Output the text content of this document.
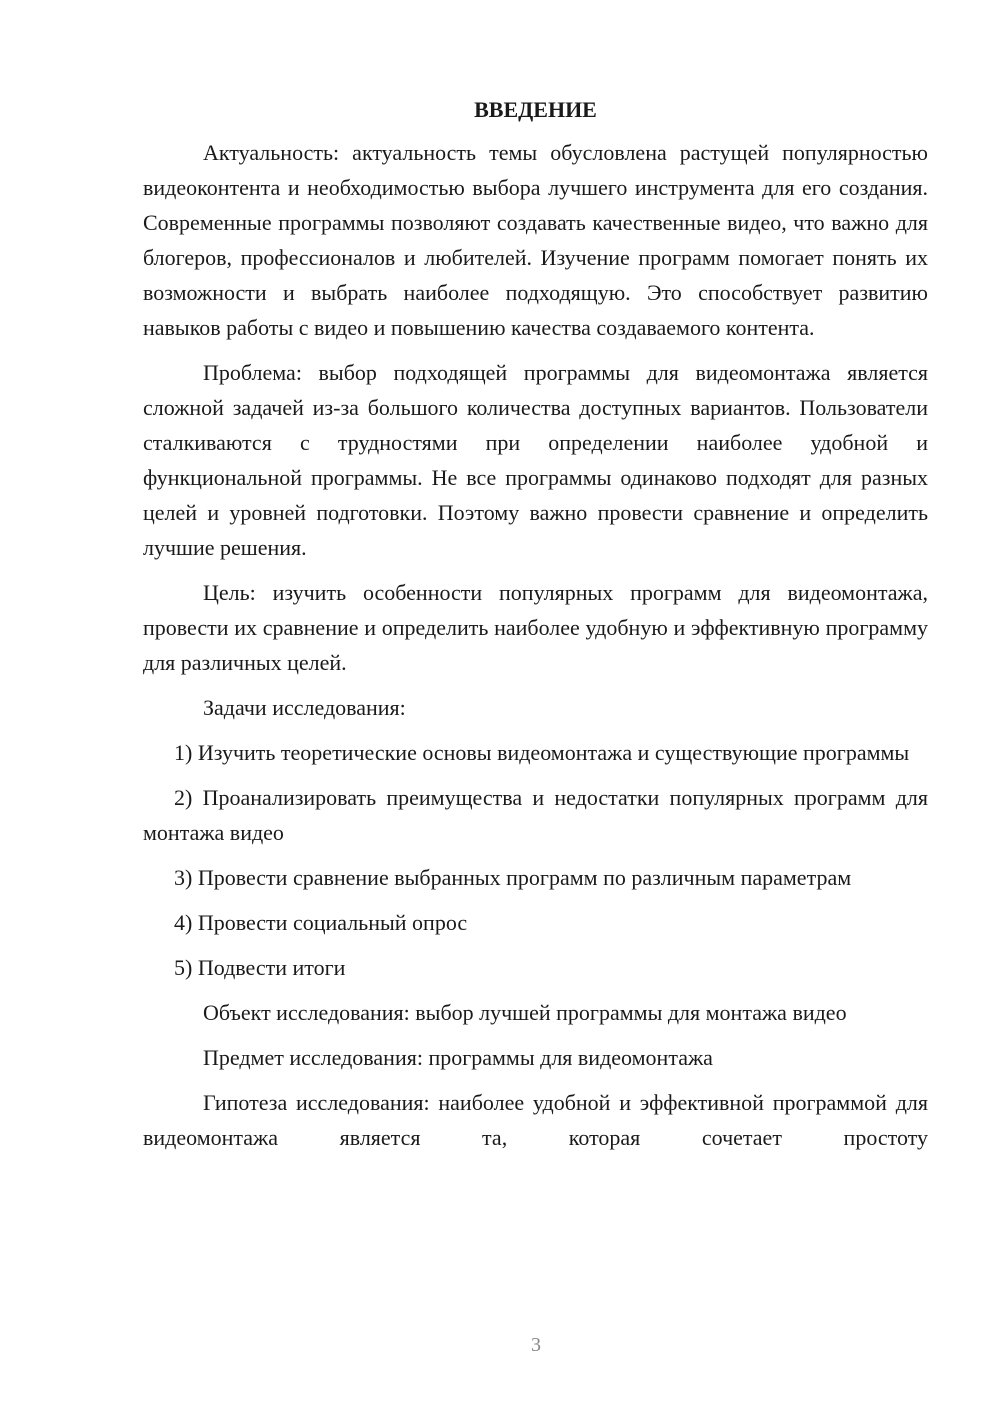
ВВЕДЕНИЕ

Актуальность: актуальность темы обусловлена растущей популярностью видеоконтента и необходимостью выбора лучшего инструмента для его создания. Современные программы позволяют создавать качественные видео, что важно для блогеров, профессионалов и любителей. Изучение программ помогает понять их возможности и выбрать наиболее подходящую. Это способствует развитию навыков работы с видео и повышению качества создаваемого контента.

Проблема: выбор подходящей программы для видеомонтажа является сложной задачей из-за большого количества доступных вариантов. Пользователи сталкиваются с трудностями при определении наиболее удобной и функциональной программы. Не все программы одинаково подходят для разных целей и уровней подготовки. Поэтому важно провести сравнение и определить лучшие решения.

Цель: изучить особенности популярных программ для видеомонтажа, провести их сравнение и определить наиболее удобную и эффективную программу для различных целей.

Задачи исследования:

1) Изучить теоретические основы видеомонтажа и существующие программы

2) Проанализировать преимущества и недостатки популярных программ для монтажа видео

3) Провести сравнение выбранных программ по различным параметрам

4) Провести социальный опрос

5) Подвести итоги

Объект исследования: выбор лучшей программы для монтажа видео

Предмет исследования: программы для видеомонтажа

Гипотеза исследования: наиболее удобной и эффективной программой для видеомонтажа является та, которая сочетает простоту

3
